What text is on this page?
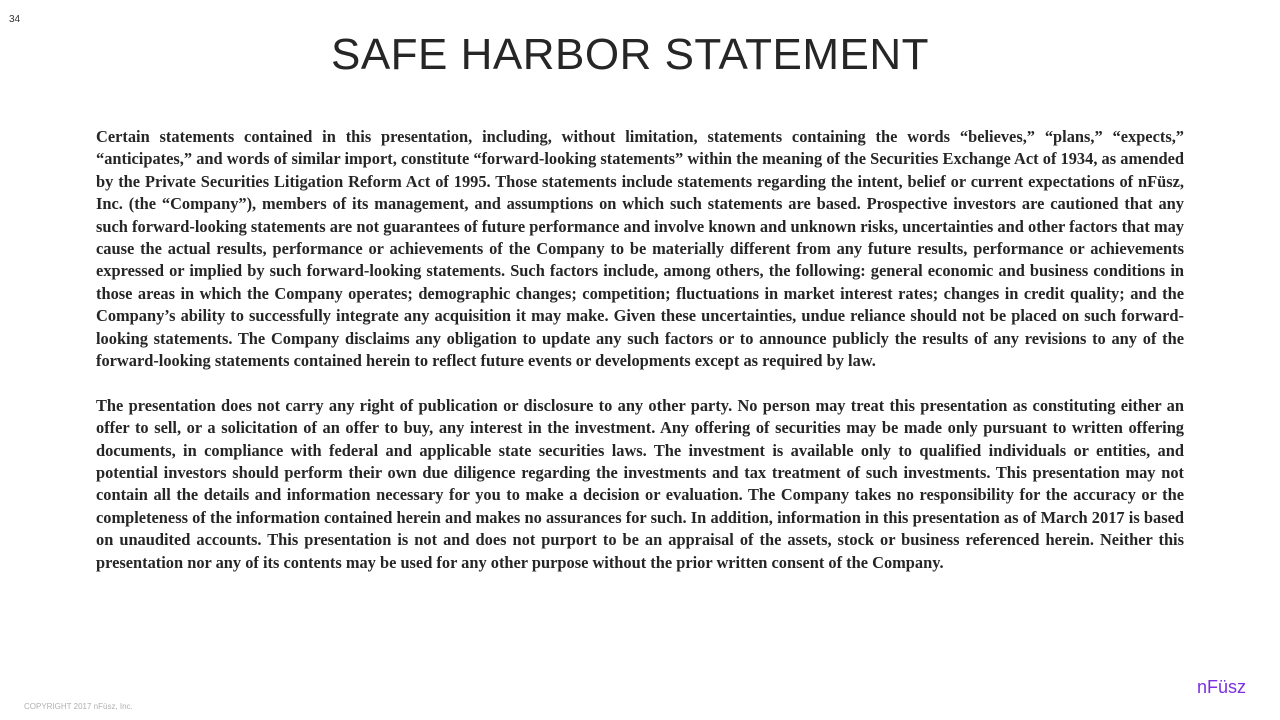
34
SAFE HARBOR STATEMENT

Certain statements contained in this presentation, including, without limitation, statements containing the words “believes,” “plans,” “expects,” “anticipates,” and words of similar import, constitute “forward-looking statements” within the meaning of the Securities Exchange Act of 1934, as amended by the Private Securities Litigation Reform Act of 1995. Those statements include statements regarding the intent, belief or current expectations of nFüsz, Inc. (the “Company”), members of its management, and assumptions on which such statements are based. Prospective investors are cautioned that any such forward-looking statements are not guarantees of future performance and involve known and unknown risks, uncertainties and other factors that may cause the actual results, performance or achievements of the Company to be materially different from any future results, performance or achievements expressed or implied by such forward-looking statements. Such factors include, among others, the following: general economic and business conditions in those areas in which the Company operates; demographic changes; competition; fluctuations in market interest rates; changes in credit quality; and the Company’s ability to successfully integrate any acquisition it may make. Given these uncertainties, undue reliance should not be placed on such forward-looking statements. The Company disclaims any obligation to update any such factors or to announce publicly the results of any revisions to any of the forward-looking statements contained herein to reflect future events or developments except as required by law.

The presentation does not carry any right of publication or disclosure to any other party. No person may treat this presentation as constituting either an offer to sell, or a solicitation of an offer to buy, any interest in the investment. Any offering of securities may be made only pursuant to written offering documents, in compliance with federal and applicable state securities laws. The investment is available only to qualified individuals or entities, and potential investors should perform their own due diligence regarding the investments and tax treatment of such investments. This presentation may not contain all the details and information necessary for you to make a decision or evaluation. The Company takes no responsibility for the accuracy or the completeness of the information contained herein and makes no assurances for such. In addition, information in this presentation as of March 2017 is based on unaudited accounts. This presentation is not and does not purport to be an appraisal of the assets, stock or business referenced herein. Neither this presentation nor any of its contents may be used for any other purpose without the prior written consent of the Company.

nFüsz
COPYRIGHT 2017 nFüsz, Inc.
